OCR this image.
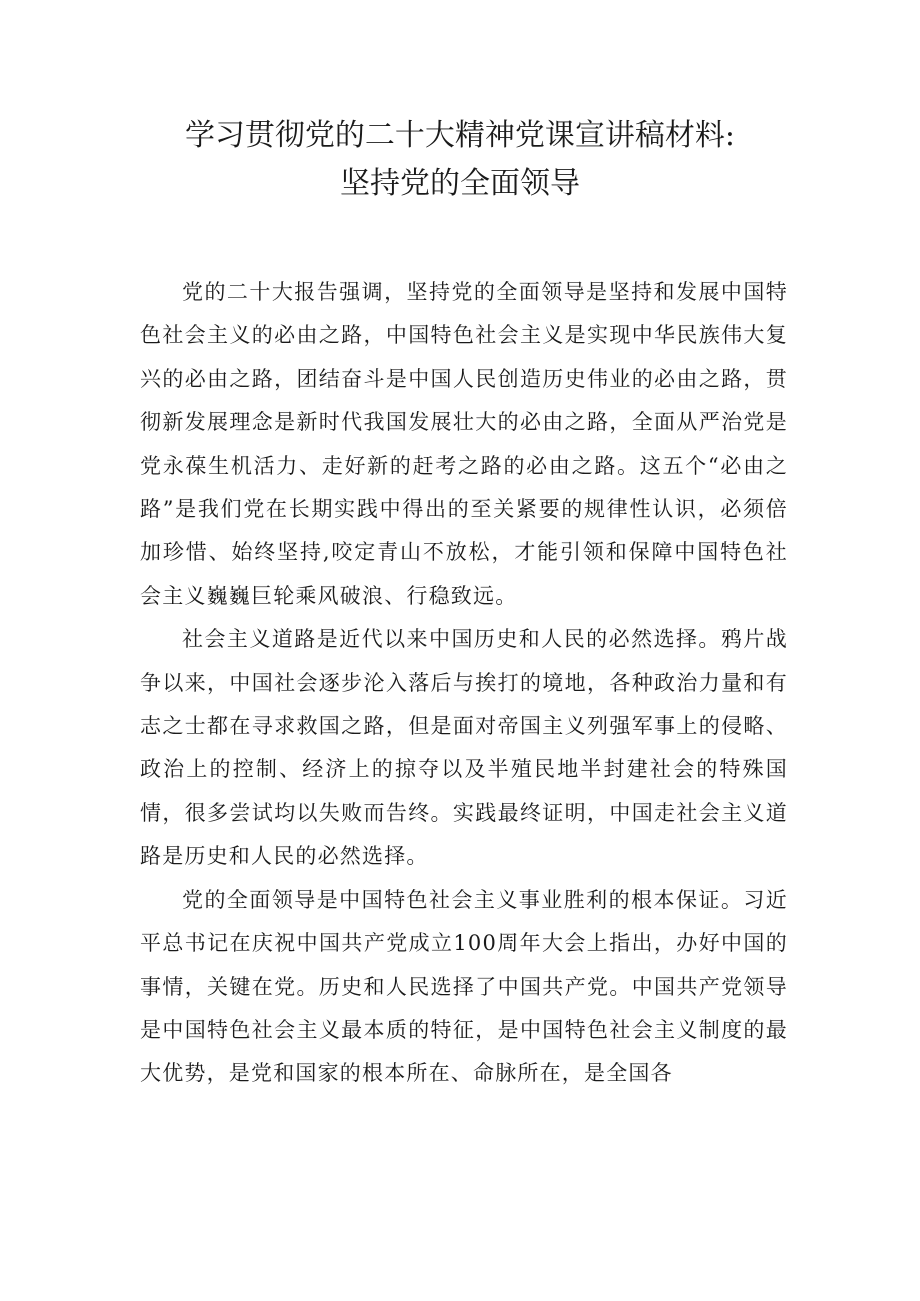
学习贯彻党的二十大精神党课宣讲稿材料:
坚持党的全面领导

党的二十大报告强调，坚持党的全面领导是坚持和发展中国特色社会主义的必由之路，中国特色社会主义是实现中华民族伟大复兴的必由之路，团结奋斗是中国人民创造历史伟业的必由之路，贯彻新发展理念是新时代我国发展壮大的必由之路，全面从严治党是党永葆生机活力、走好新的赶考之路的必由之路。这五个“必由之路”是我们党在长期实践中得出的至关紧要的规律性认识，必须倍加珍惜、始终坚持,咬定青山不放松，才能引领和保障中国特色社会主义巍巍巨轮乘风破浪、行稳致远。

社会主义道路是近代以来中国历史和人民的必然选择。鸦片战争以来，中国社会逐步沦入落后与挨打的境地，各种政治力量和有志之士都在寻求救国之路，但是面对帝国主义列强军事上的侵略、政治上的控制、经济上的掠夺以及半殖民地半封建社会的特殊国情，很多尝试均以失败而告终。实践最终证明，中国走社会主义道路是历史和人民的必然选择。

党的全面领导是中国特色社会主义事业胜利的根本保证。习近平总书记在庆祝中国共产党成立100周年大会上指出，办好中国的事情，关键在党。历史和人民选择了中国共产党。中国共产党领导是中国特色社会主义最本质的特征，是中国特色社会主义制度的最大优势，是党和国家的根本所在、命脉所在，是全国各
